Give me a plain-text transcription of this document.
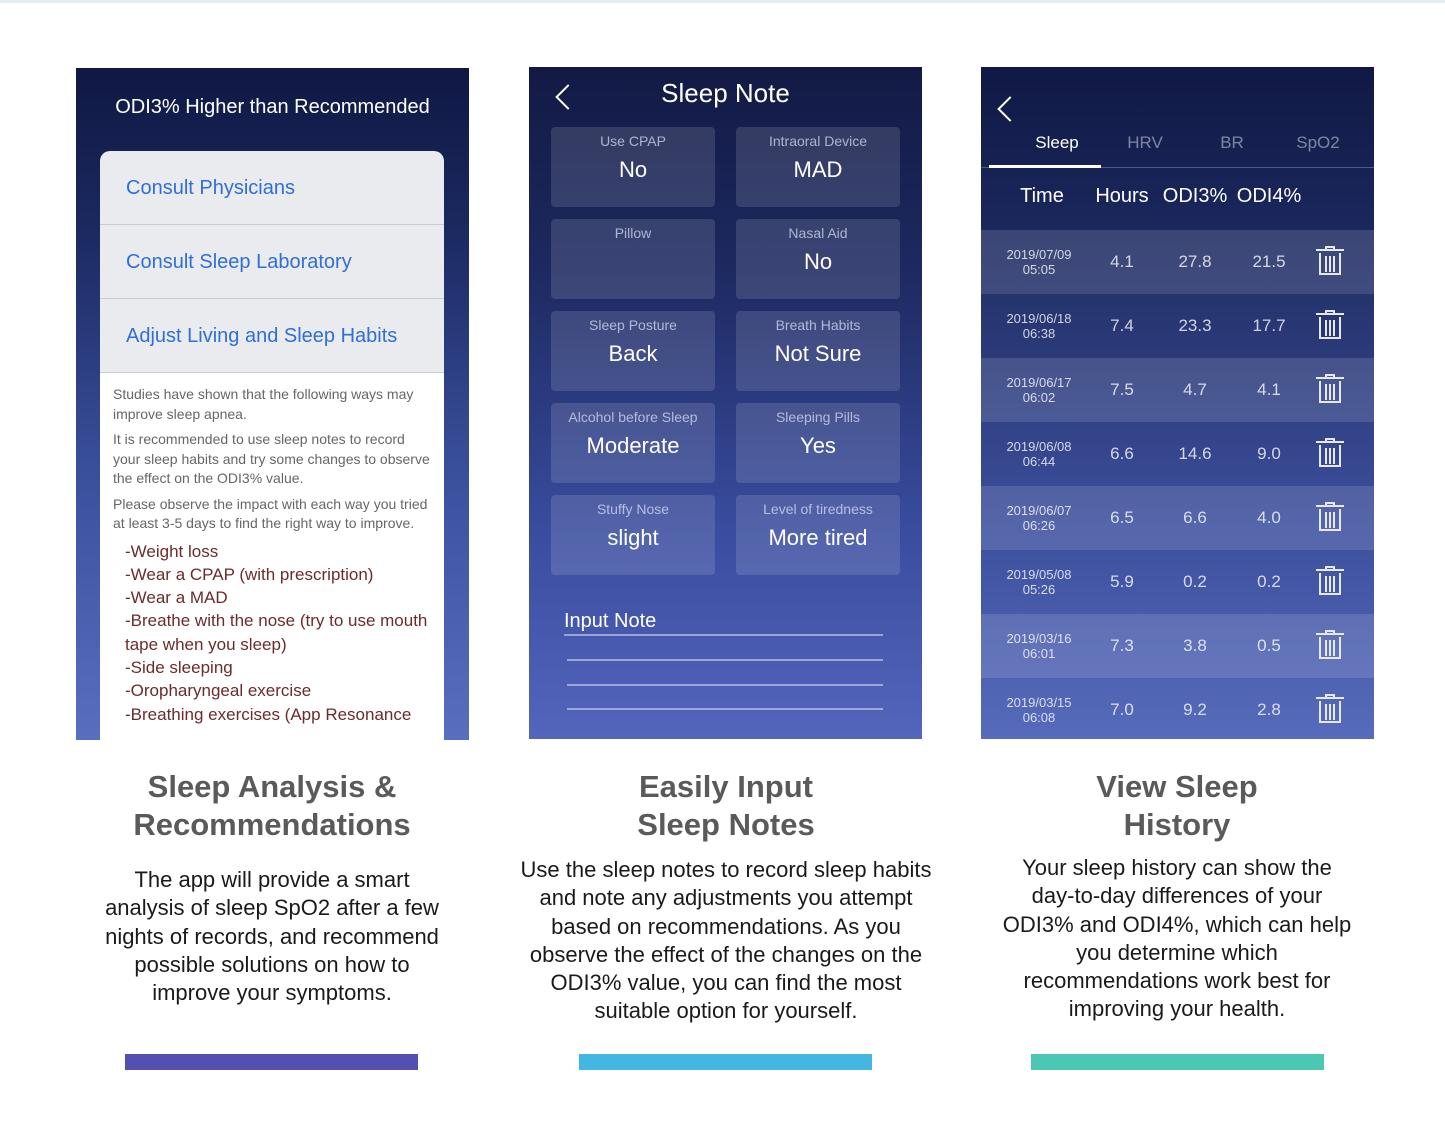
ODI3% Higher than Recommended
Consult Physicians
Consult Sleep Laboratory
Adjust Living and Sleep Habits

Studies have shown that the following ways may improve sleep apnea.

It is recommended to use sleep notes to record your sleep habits and try some changes to observe the effect on the ODI3% value.

Please observe the impact with each way you tried at least 3-5 days to find the right way to improve.

-Weight loss
-Wear a CPAP (with prescription)
-Wear a MAD
-Breathe with the nose (try to use mouth tape when you sleep)
-Side sleeping
-Oropharyngeal exercise
-Breathing exercises (App Resonance
Sleep Note
Use CPAP
No
Intraoral Device
MAD
Pillow	Nasal Aid
No
Sleep Posture
Back
Breath Habits
Not Sure
Alcohol before Sleep
Moderate
Sleeping Pills
Yes
Stuffy Nose
slight
Level of tiredness
More tired
Input Note
Sleep	HRV	BR	SpO2
Time	Hours ODI3% ODI4%
2019/07/09
05:05	4.1	27.8	21.5
2019/06/18
06:38	7.4	23.3	17.7
2019/06/17
06:02	7.5	4.7	4.1
2019/06/08
06:44	6.6	14.6	9.0
2019/06/07
06:26	6.5	6.6	4.0
2019/05/08
05:26	5.9	0.2	0.2
2019/03/16
06:01	7.3	3.8	0.5
2019/03/15
06:08	7.0	9.2	2.8
Sleep Analysis &
Recommendations
The app will provide a smart
analysis of sleep SpO2 after a few
nights of records, and recommend
possible solutions on how to
improve your symptoms.
Easily Input
Sleep Notes
Use the sleep notes to record sleep habits
and note any adjustments you attempt
based on recommendations. As you
observe the effect of the changes on the
ODI3% value, you can find the most
suitable option for yourself.
View Sleep
History
Your sleep history can show the
day-to-day differences of your
ODI3% and ODI4%, which can help
you determine which
recommendations work best for
improving your health.
